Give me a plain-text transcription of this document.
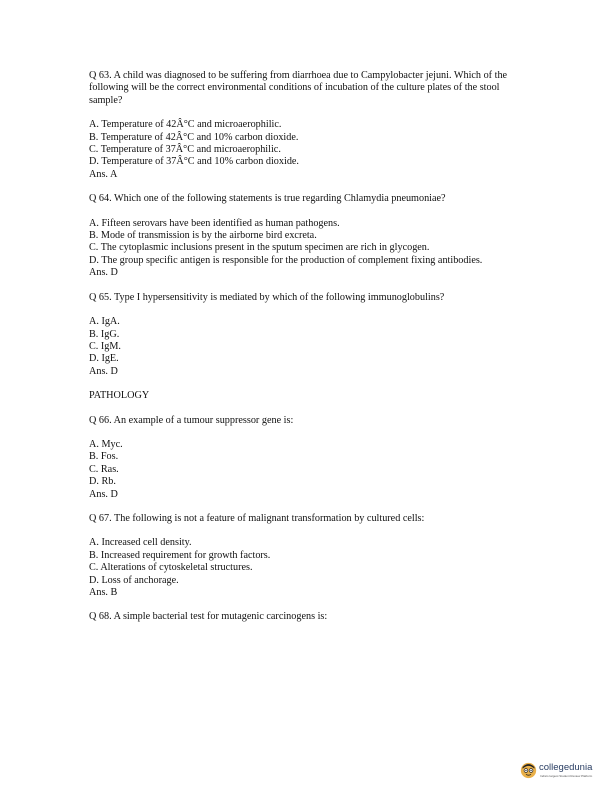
Q 63. A child was diagnosed to be suffering from diarrhoea due to Campylobacter jejuni. Which of the following will be the correct environmental conditions of incubation of the culture plates of the stool sample?

A. Temperature of 42Â°C and microaerophilic.

B. Temperature of 42Â°C and 10% carbon dioxide.

C. Temperature of 37Â°C and microaerophilic.

D. Temperature of 37Â°C and 10% carbon dioxide.

Ans. A

Q 64. Which one of the following statements is true regarding Chlamydia pneumoniae?

A. Fifteen serovars have been identified as human pathogens.

B. Mode of transmission is by the airborne bird excreta.

C. The cytoplasmic inclusions present in the sputum specimen are rich in glycogen.

D. The group specific antigen is responsible for the production of complement fixing antibodies.

Ans. D

Q 65. Type I hypersensitivity is mediated by which of the following immunoglobulins?

A. IgA.

B. IgG.

C. IgM.

D. IgE.

Ans. D

PATHOLOGY

Q 66. An example of a tumour suppressor gene is:

A. Myc.

B. Fos.

C. Ras.

D. Rb.

Ans. D

Q 67. The following is not a feature of malignant transformation by cultured cells:

A. Increased cell density.

B. Increased requirement for growth factors.

C. Alterations of cytoskeletal structures.

D. Loss of anchorage.

Ans. B

Q 68. A simple bacterial test for mutagenic carcinogens is:

collegedunia
India's largest Student Review Platform
